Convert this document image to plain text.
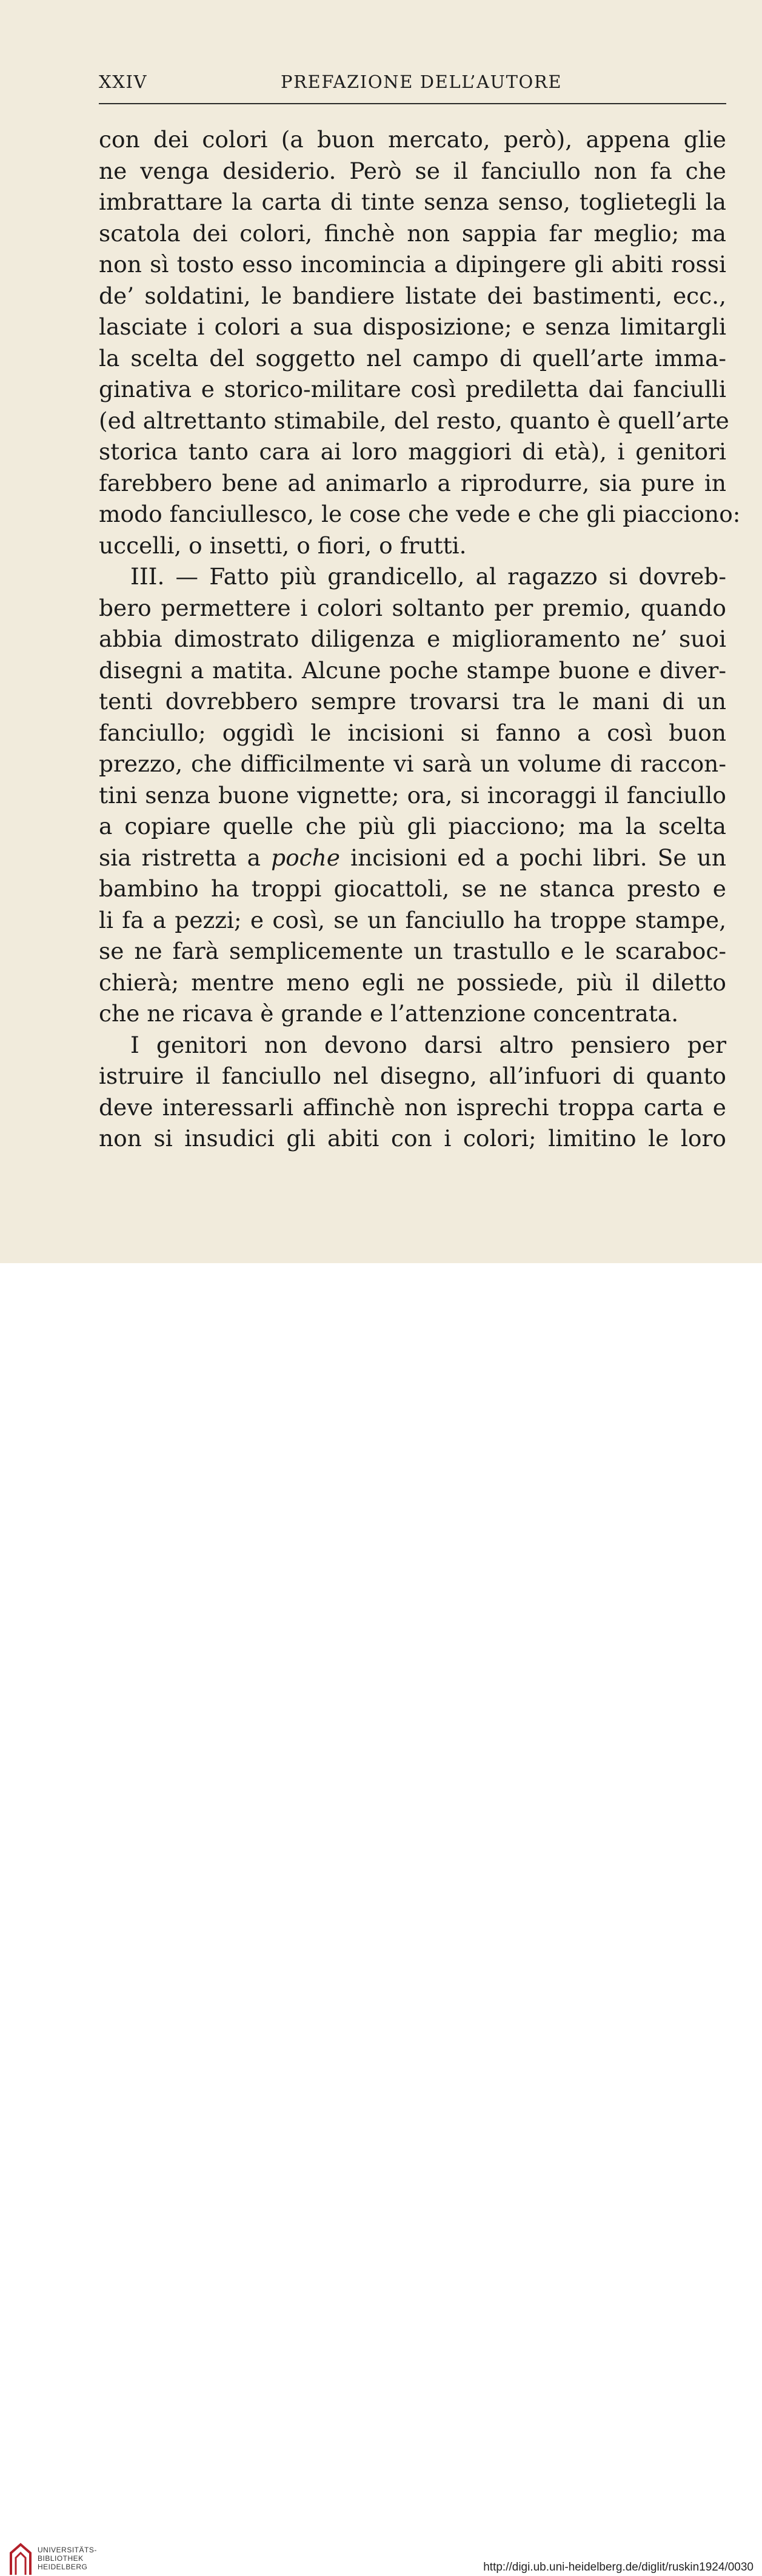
XXIV	PREFAZIONE DELL’AUTORE
con dei colori (a buon mercato, però), appena glie
ne venga desiderio. Però se il fanciullo non fa che
imbrattare la carta di tinte senza senso, toglietegli la
scatola dei colori, finchè non sappia far meglio; ma
non sì tosto esso incomincia a dipingere gli abiti rossi
de’ soldatini, le bandiere listate dei bastimenti, ecc.,
lasciate i colori a sua disposizione; e senza limitargli
la scelta del soggetto nel campo di quell’arte imma-
ginativa e storico-militare così prediletta dai fanciulli
(ed altrettanto stimabile, del resto, quanto è quell’arte
storica tanto cara ai loro maggiori di età), i genitori
farebbero bene ad animarlo a riprodurre, sia pure in
modo fanciullesco, le cose che vede e che gli piacciono:
uccelli, o insetti, o fiori, o frutti.
III. — Fatto più grandicello, al ragazzo si dovreb-
bero permettere i colori soltanto per premio, quando
abbia dimostrato diligenza e miglioramento ne’ suoi
disegni a matita. Alcune poche stampe buone e diver-
tenti dovrebbero sempre trovarsi tra le mani di un
fanciullo; oggidì le incisioni si fanno a così buon
prezzo, che difficilmente vi sarà un volume di raccon-
tini senza buone vignette; ora, si incoraggi il fanciullo
a copiare quelle che più gli piacciono; ma la scelta
sia ristretta a poche incisioni ed a pochi libri. Se un
bambino ha troppi giocattoli, se ne stanca presto e
li fa a pezzi; e così, se un fanciullo ha troppe stampe,
se ne farà semplicemente un trastullo e le scaraboc-
chierà; mentre meno egli ne possiede, più il diletto
che ne ricava è grande e l’attenzione concentrata.
I genitori non devono darsi altro pensiero per
istruire il fanciullo nel disegno, all’infuori di quanto
deve interessarli affinchè non isprechi troppa carta e
non si insudici gli abiti con i colori; limitino le loro
UNIVERSITÄTS-
BIBLIOTHEK
HEIDELBERG	http://digi.ub.uni-heidelberg.de/diglit/ruskin1924/0030
